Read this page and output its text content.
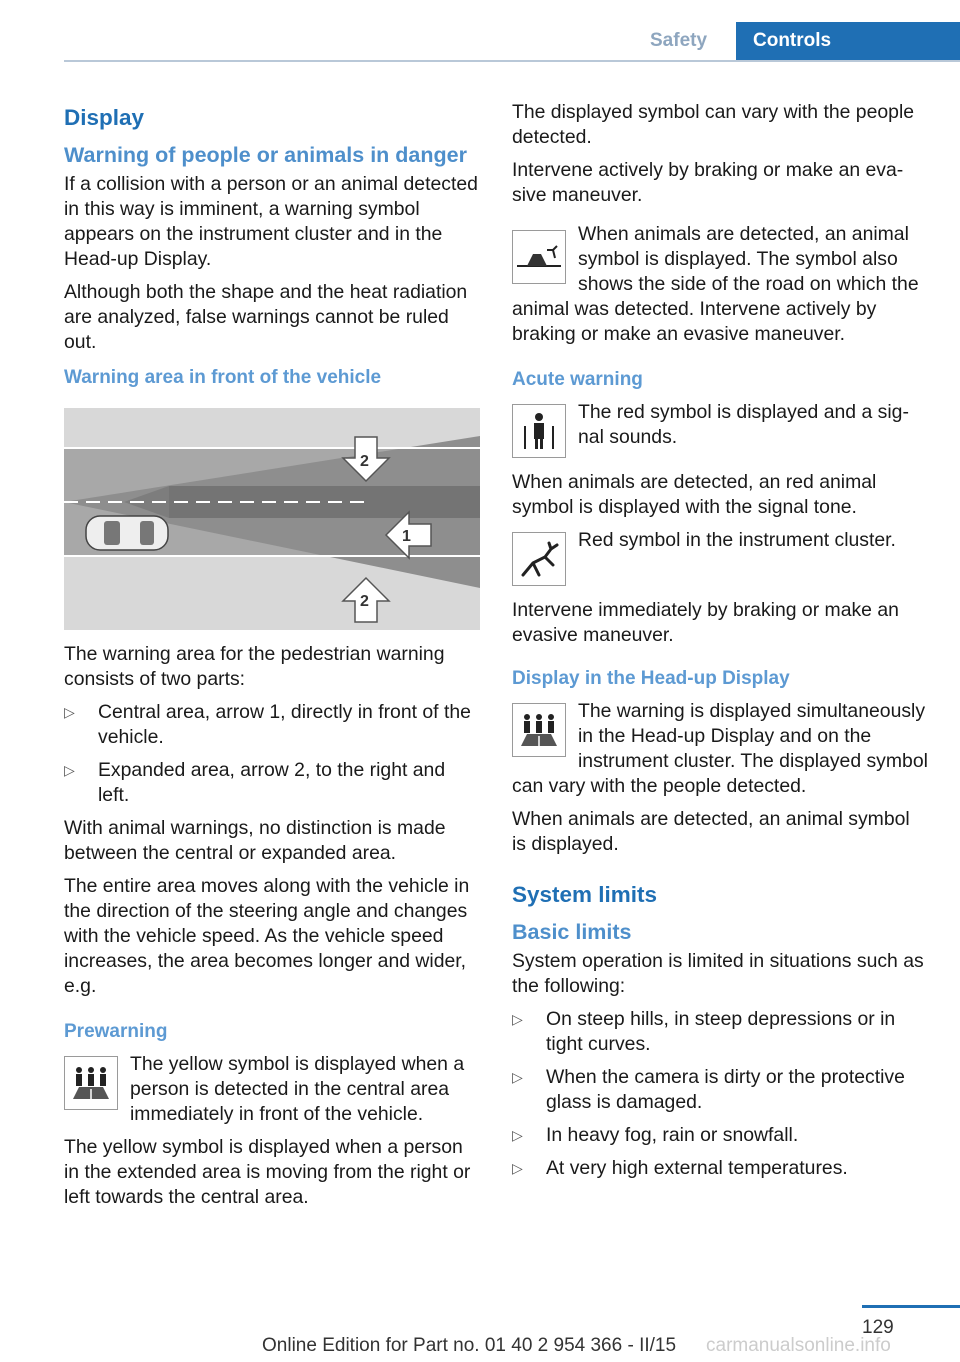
Safety	Controls
Display
Warning of people or animals in danger

If a collision with a person or an animal detected in this way is imminent, a warning symbol appears on the instrument cluster and in the Head-up Display.

Although both the shape and the heat radiation are analyzed, false warnings cannot be ruled out.

Warning area in front of the vehicle
1
2
2

The warning area for the pedestrian warning consists of two parts:

▷ Central area, arrow 1, directly in front of the vehicle.
▷ Expanded area, arrow 2, to the right and left.

With animal warnings, no distinction is made between the central or expanded area.

The entire area moves along with the vehicle in the direction of the steering angle and changes with the vehicle speed. As the vehicle speed increases, the area becomes longer and wider, e.g.

Prewarning

The yellow symbol is displayed when a person is detected in the central area immediately in front of the vehicle.

The yellow symbol is displayed when a person in the extended area is moving from the right or left towards the central area.

The displayed symbol can vary with the people detected.

Intervene actively by braking or make an evasive maneuver.

When animals are detected, an animal symbol is displayed. The symbol also shows the side of the road on which the animal was detected. Intervene actively by braking or make an evasive maneuver.

Acute warning

The red symbol is displayed and a signal sounds.

When animals are detected, an red animal symbol is displayed with the signal tone.

Red symbol in the instrument cluster.

Intervene immediately by braking or make an evasive maneuver.

Display in the Head-up Display

The warning is displayed simultaneously in the Head-up Display and on the instrument cluster. The displayed symbol can vary with the people detected.

When animals are detected, an animal symbol is displayed.

System limits
Basic limits

System operation is limited in situations such as the following:

▷ On steep hills, in steep depressions or in tight curves.
▷ When the camera is dirty or the protective glass is damaged.
▷ In heavy fog, rain or snowfall.
▷ At very high external temperatures.
129
Online Edition for Part no. 01 40 2 954 366 - II/15 carmanualsonline.info
